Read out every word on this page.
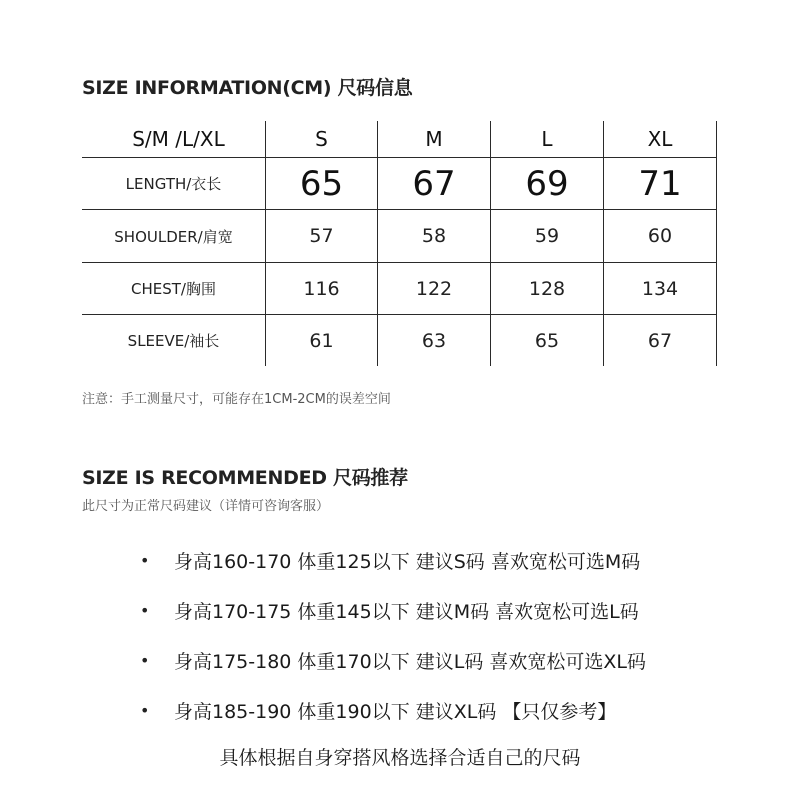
SIZE INFORMATION(CM) 尺码信息
S/M /L/XL	S	M	L	XL
LENGTH/衣长	65	67	69	71
SHOULDER/肩宽	57	58	59	60
CHEST/胸围	116	122	128	134
SLEEVE/袖长	61	63	65	67
注意：手工测量尺寸，可能存在1CM-2CM的误差空间
SIZE IS RECOMMENDED 尺码推荐
此尺寸为正常尺码建议（详情可咨询客服）
•	身高160-170 体重125以下 建议S码 喜欢宽松可选M码
•	身高170-175 体重145以下 建议M码 喜欢宽松可选L码
•	身高175-180 体重170以下 建议L码 喜欢宽松可选XL码
•	身高185-190 体重190以下 建议XL码 【只仅参考】
具体根据自身穿搭风格选择合适自己的尺码
